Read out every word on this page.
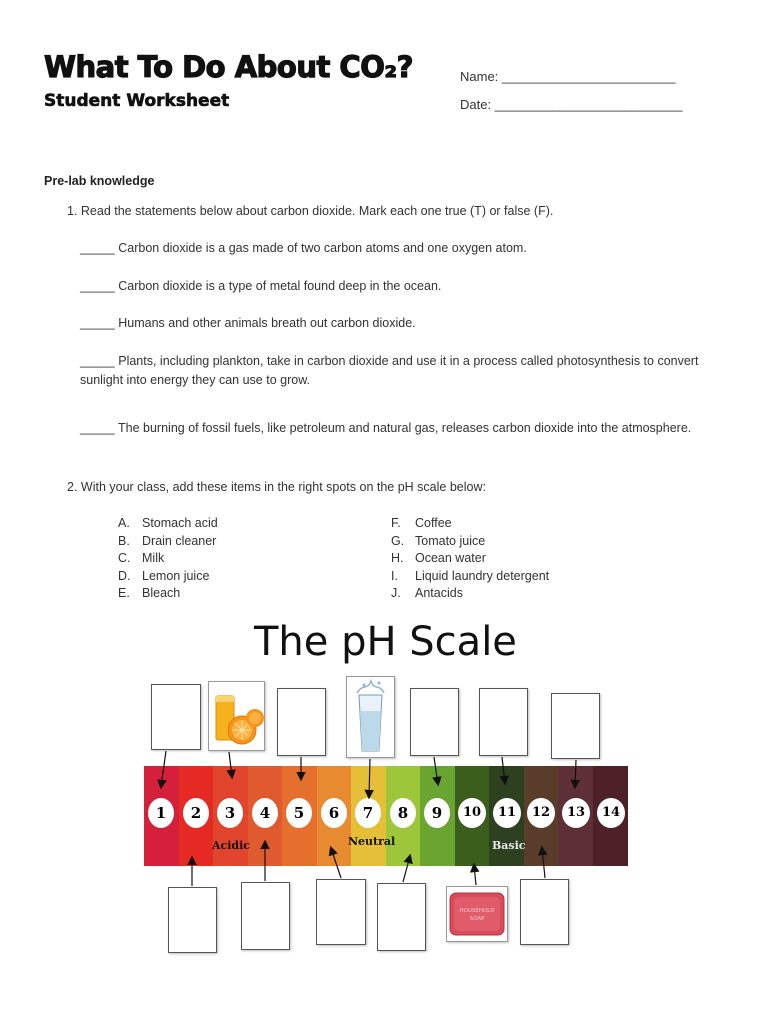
What To Do About CO₂?
Student Worksheet
Name: ________________________
Date: __________________________
Pre-lab knowledge
1. Read the statements below about carbon dioxide. Mark each one true (T) or false (F).
_____ Carbon dioxide is a gas made of two carbon atoms and one oxygen atom.
_____ Carbon dioxide is a type of metal found deep in the ocean.
_____ Humans and other animals breath out carbon dioxide.
_____ Plants, including plankton, take in carbon dioxide and use it in a process called photosynthesis to convert
sunlight into energy they can use to grow.
_____ The burning of fossil fuels, like petroleum and natural gas, releases carbon dioxide into the atmosphere.
2. With your class, add these items in the right spots on the pH scale below:
A. Stomach acid
B. Drain cleaner
C. Milk
D. Lemon juice
E. Bleach
F. Coffee
G. Tomato juice
H. Ocean water
I. Liquid laundry detergent
J. Antacids
The pH Scale
1	2	3	4	5	6	7	8	9	10	11	12	13	14
Acidic	Neutral	Basic
HOUSEHOLD
SOAP
